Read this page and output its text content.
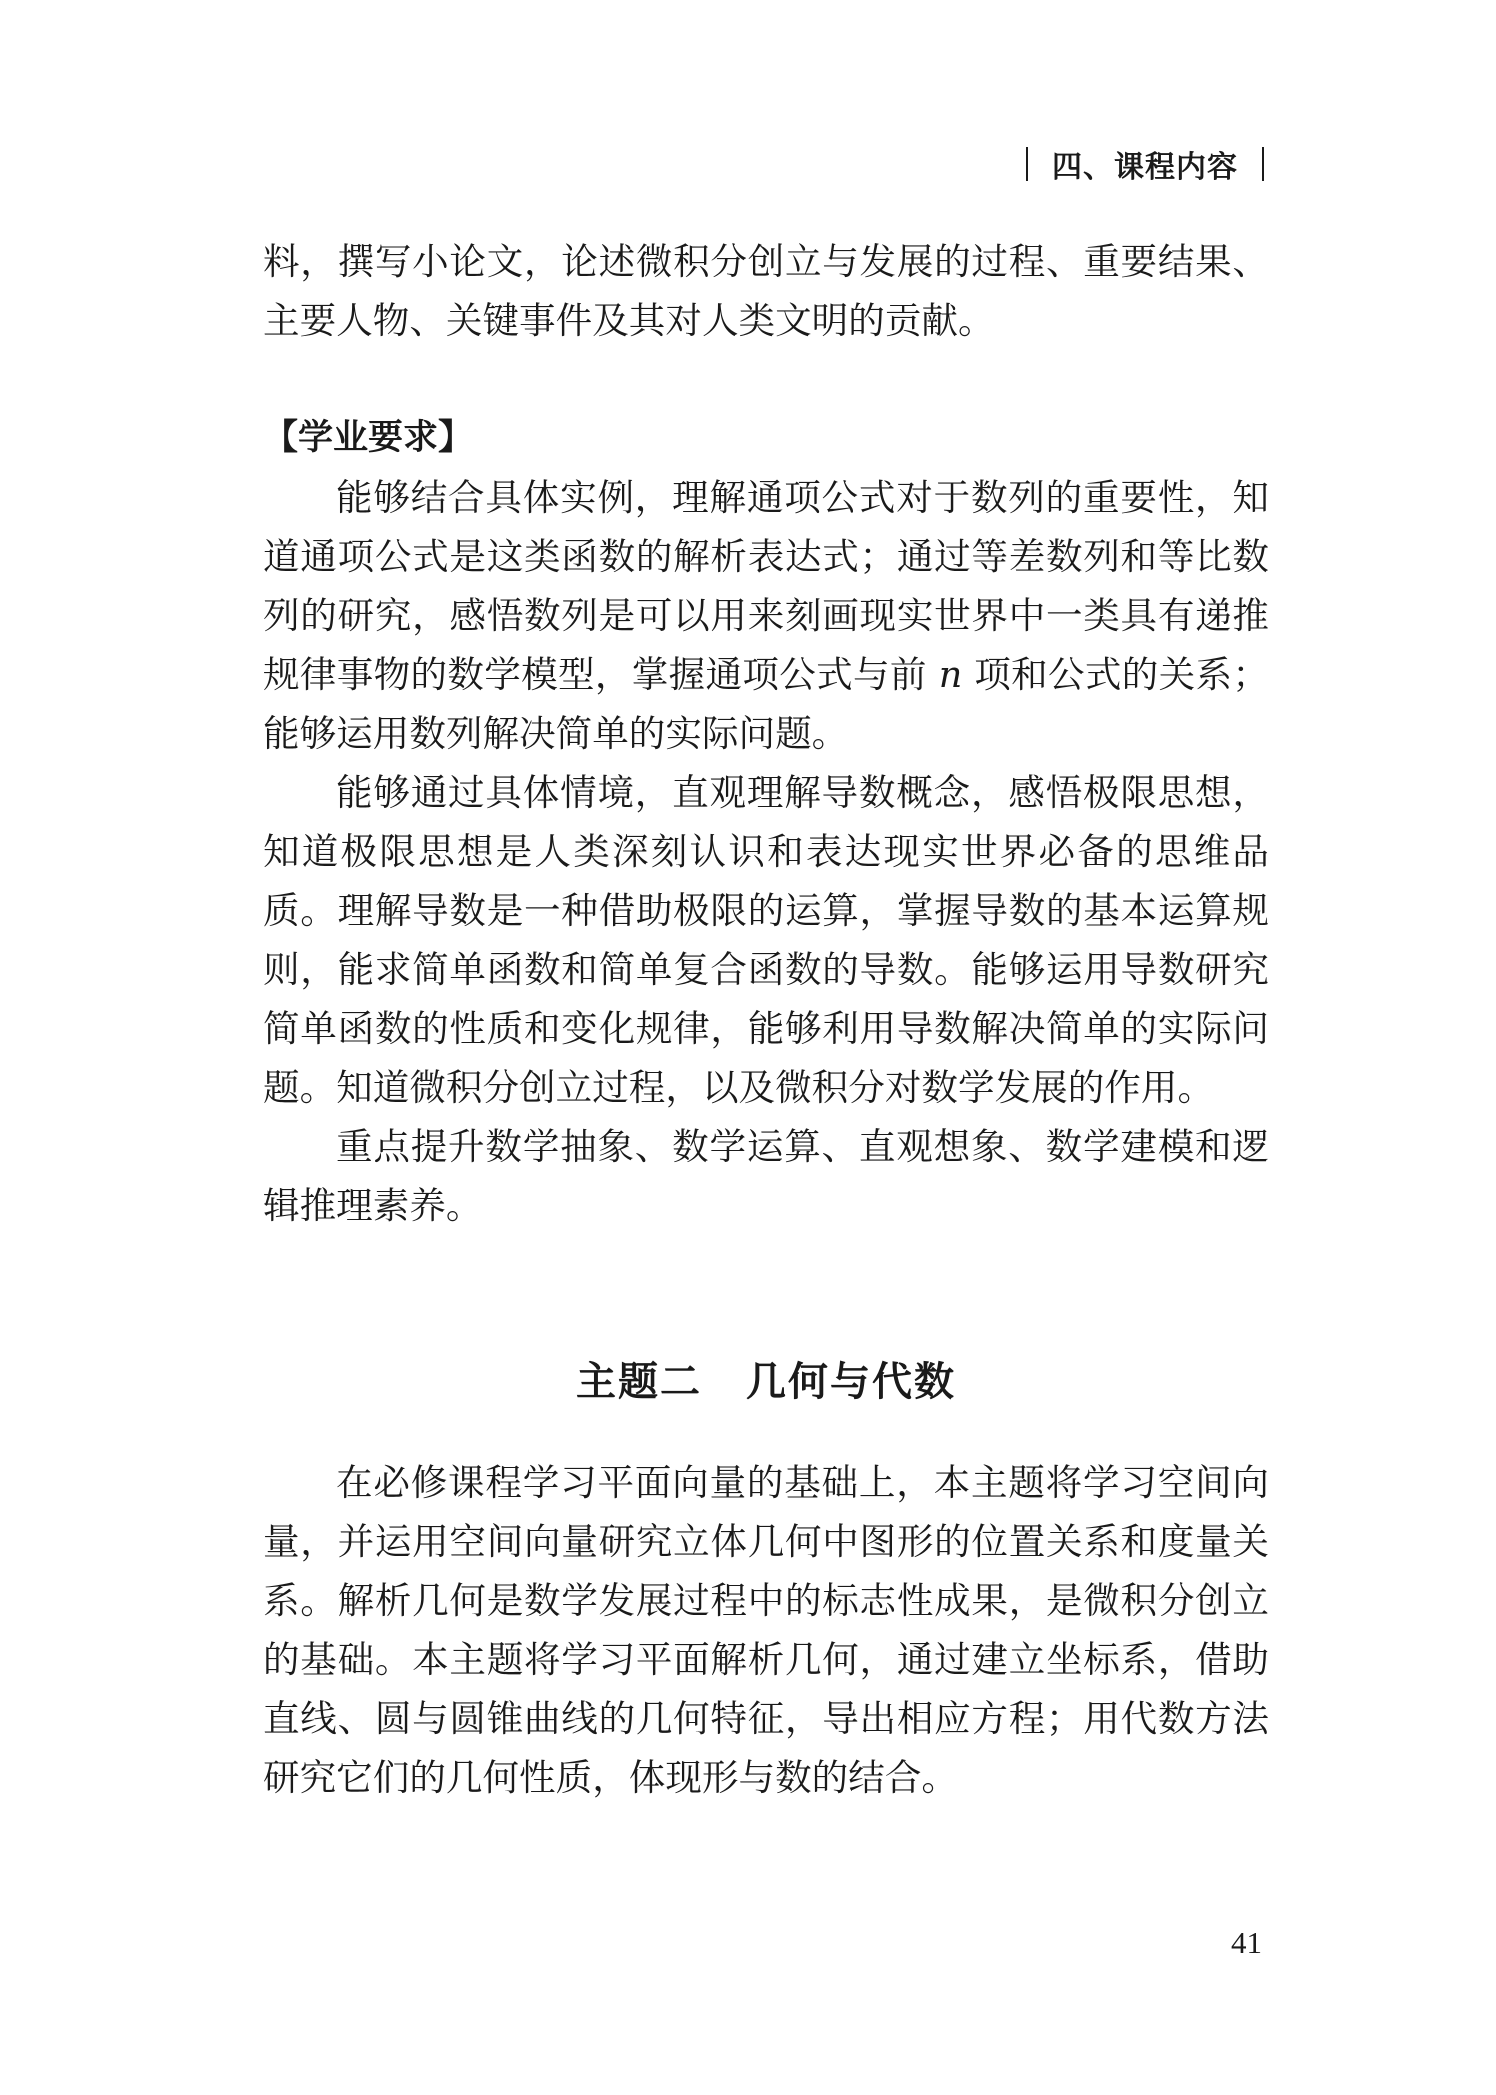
四、课程内容

料，撰写小论文，论述微积分创立与发展的过程、重要结果、主要人物、关键事件及其对人类文明的贡献。

【学业要求】

能够结合具体实例，理解通项公式对于数列的重要性，知道通项公式是这类函数的解析表达式；通过等差数列和等比数列的研究，感悟数列是可以用来刻画现实世界中一类具有递推规律事物的数学模型，掌握通项公式与前 n 项和公式的关系；能够运用数列解决简单的实际问题。

能够通过具体情境，直观理解导数概念，感悟极限思想，知道极限思想是人类深刻认识和表达现实世界必备的思维品质。理解导数是一种借助极限的运算，掌握导数的基本运算规则，能求简单函数和简单复合函数的导数。能够运用导数研究简单函数的性质和变化规律，能够利用导数解决简单的实际问题。知道微积分创立过程，以及微积分对数学发展的作用。

重点提升数学抽象、数学运算、直观想象、数学建模和逻辑推理素养。

主题二 几何与代数

在必修课程学习平面向量的基础上，本主题将学习空间向量，并运用空间向量研究立体几何中图形的位置关系和度量关系。解析几何是数学发展过程中的标志性成果，是微积分创立的基础。本主题将学习平面解析几何，通过建立坐标系，借助直线、圆与圆锥曲线的几何特征，导出相应方程；用代数方法研究它们的几何性质，体现形与数的结合。

41
